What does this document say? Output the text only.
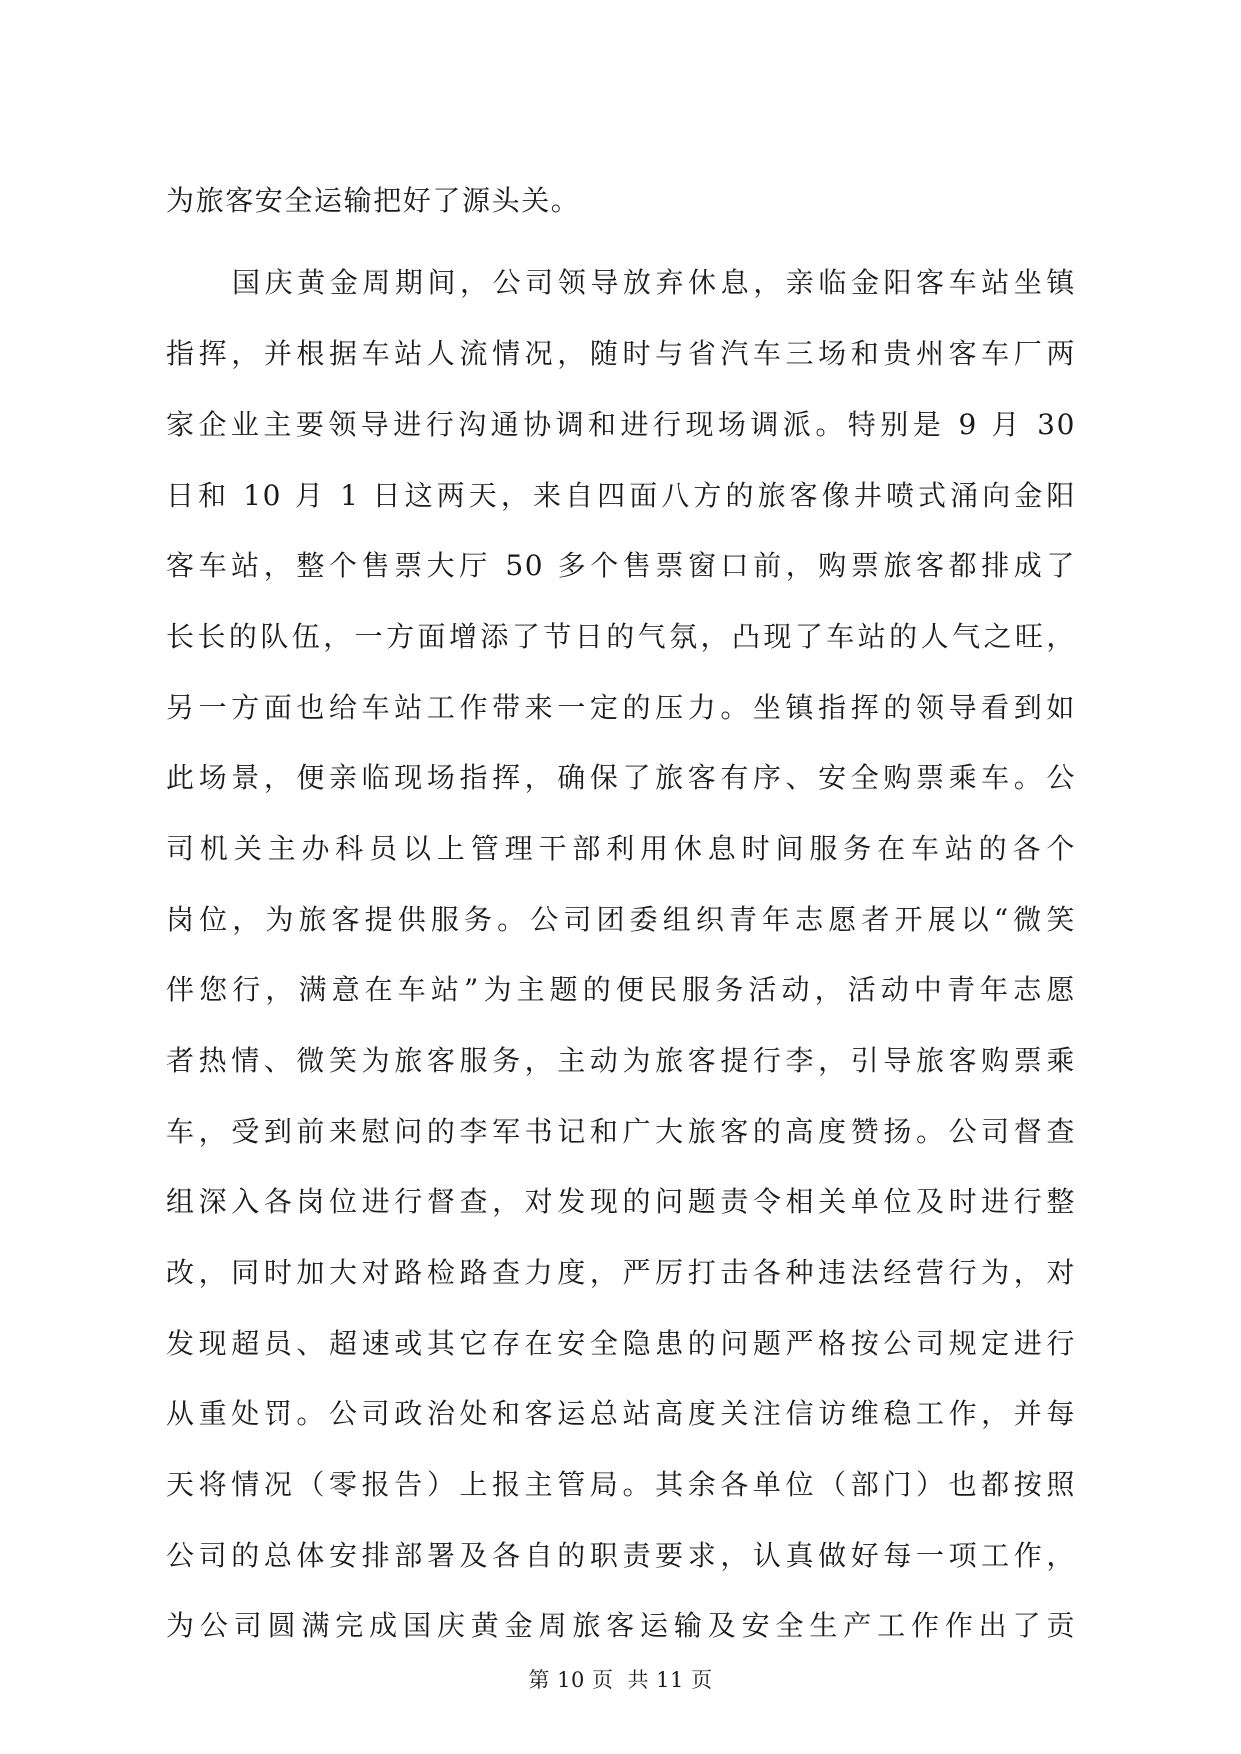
为旅客安全运输把好了源头关。
国庆黄金周期间，公司领导放弃休息，亲临金阳客车站坐镇
指挥，并根据车站人流情况，随时与省汽车三场和贵州客车厂两
家企业主要领导进行沟通协调和进行现场调派。特别是 9 月 30
日和 10 月 1 日这两天，来自四面八方的旅客像井喷式涌向金阳
客车站，整个售票大厅 50 多个售票窗口前，购票旅客都排成了
长长的队伍，一方面增添了节日的气氛，凸现了车站的人气之旺，
另一方面也给车站工作带来一定的压力。坐镇指挥的领导看到如
此场景，便亲临现场指挥，确保了旅客有序、安全购票乘车。公
司机关主办科员以上管理干部利用休息时间服务在车站的各个
岗位，为旅客提供服务。公司团委组织青年志愿者开展以“微笑
伴您行，满意在车站”为主题的便民服务活动，活动中青年志愿
者热情、微笑为旅客服务，主动为旅客提行李，引导旅客购票乘
车，受到前来慰问的李军书记和广大旅客的高度赞扬。公司督查
组深入各岗位进行督查，对发现的问题责令相关单位及时进行整
改，同时加大对路检路查力度，严厉打击各种违法经营行为，对
发现超员、超速或其它存在安全隐患的问题严格按公司规定进行
从重处罚。公司政治处和客运总站高度关注信访维稳工作，并每
天将情况（零报告）上报主管局。其余各单位（部门）也都按照
公司的总体安排部署及各自的职责要求，认真做好每一项工作，
第 10 页 共 11 页
为公司圆满完成国庆黄金周旅客运输及安全生产工作作出了贡
